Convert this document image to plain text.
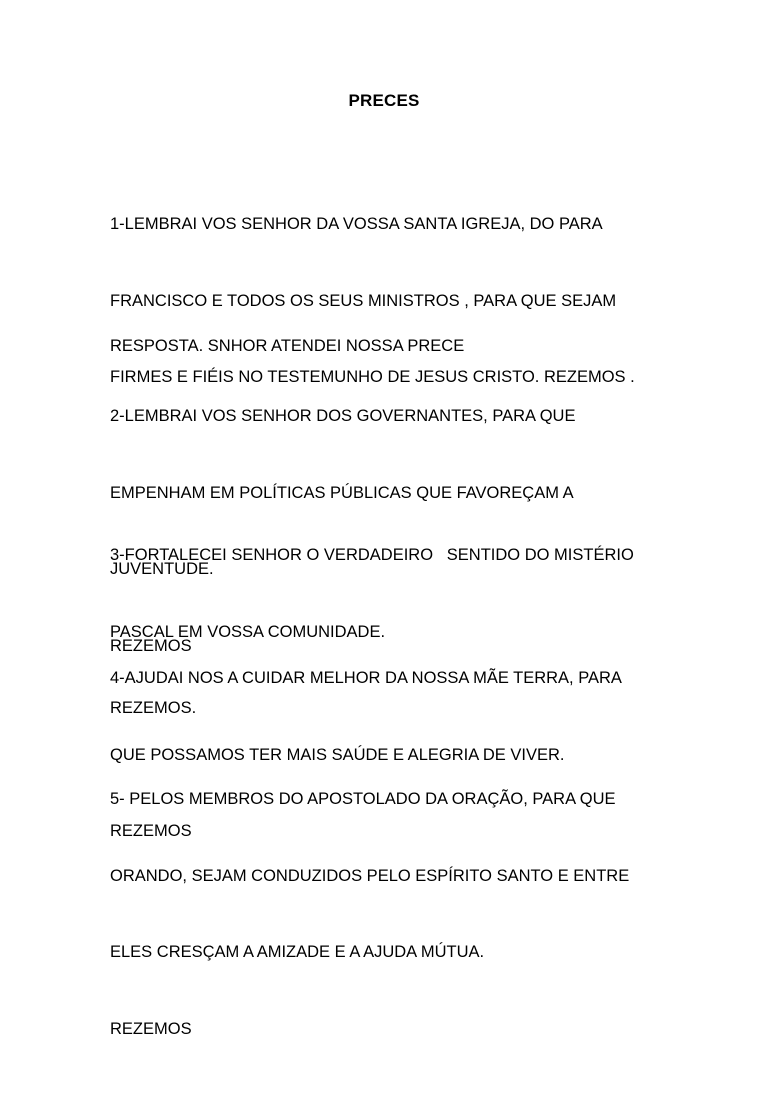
PRECES

1-LEMBRAI VOS SENHOR DA VOSSA SANTA IGREJA, DO PARA

FRANCISCO E TODOS OS SEUS MINISTROS , PARA QUE SEJAM

FIRMES E FIÉIS NO TESTEMUNHO DE JESUS CRISTO. REZEMOS .

RESPOSTA. SNHOR ATENDEI NOSSA PRECE

2-LEMBRAI VOS SENHOR DOS GOVERNANTES, PARA QUE

EMPENHAM EM POLÍTICAS PÚBLICAS QUE FAVOREÇAM A

JUVENTUDE.

REZEMOS

3-FORTALECEI SENHOR O VERDADEIRO   SENTIDO DO MISTÉRIO

PASCAL EM VOSSA COMUNIDADE.

REZEMOS.

4-AJUDAI NOS A CUIDAR MELHOR DA NOSSA MÃE TERRA, PARA

QUE POSSAMOS TER MAIS SAÚDE E ALEGRIA DE VIVER.

REZEMOS

5- PELOS MEMBROS DO APOSTOLADO DA ORAÇÃO, PARA QUE

ORANDO, SEJAM CONDUZIDOS PELO ESPÍRITO SANTO E ENTRE

ELES CRESÇAM A AMIZADE E A AJUDA MÚTUA.

REZEMOS
